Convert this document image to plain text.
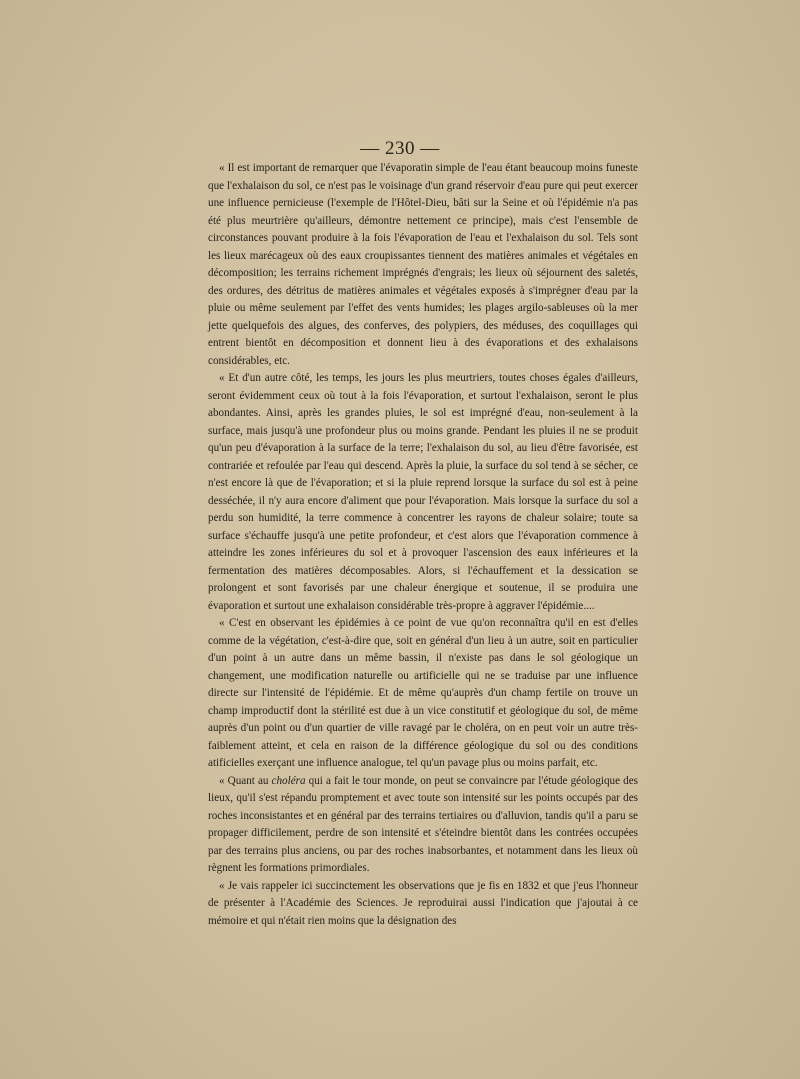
— 230 —

« Il est important de remarquer que l'évaporatin simple de l'eau étant beaucoup moins funeste que l'exhalaison du sol, ce n'est pas le voisinage d'un grand réservoir d'eau pure qui peut exercer une influence pernicieuse (l'exemple de l'Hôtel-Dieu, bâti sur la Seine et où l'épidémie n'a pas été plus meurtrière qu'ailleurs, démontre nettement ce principe), mais c'est l'ensemble de circonstances pouvant produire à la fois l'évaporation de l'eau et l'exhalaison du sol. Tels sont les lieux marécageux où des eaux croupissantes tiennent des matières animales et végétales en décomposition; les terrains richement imprégnés d'engrais; les lieux où séjournent des saletés, des ordures, des détritus de matières animales et végétales exposés à s'imprégner d'eau par la pluie ou même seulement par l'effet des vents humides; les plages argilo-sableuses où la mer jette quelquefois des algues, des conferves, des polypiers, des méduses, des coquillages qui entrent bientôt en décomposition et donnent lieu à des évaporations et des exhalaisons considérables, etc.

« Et d'un autre côté, les temps, les jours les plus meurtriers, toutes choses égales d'ailleurs, seront évidemment ceux où tout à la fois l'évaporation, et surtout l'exhalaison, seront le plus abondantes. Ainsi, après les grandes pluies, le sol est imprégné d'eau, non-seulement à la surface, mais jusqu'à une profondeur plus ou moins grande. Pendant les pluies il ne se produit qu'un peu d'évaporation à la surface de la terre; l'exhalaison du sol, au lieu d'être favorisée, est contrariée et refoulée par l'eau qui descend. Après la pluie, la surface du sol tend à se sécher, ce n'est encore là que de l'évaporation; et si la pluie reprend lorsque la surface du sol est à peine desséchée, il n'y aura encore d'aliment que pour l'évaporation. Mais lorsque la surface du sol a perdu son humidité, la terre commence à concentrer les rayons de chaleur solaire; toute sa surface s'échauffe jusqu'à une petite profondeur, et c'est alors que l'évaporation commence à atteindre les zones inférieures du sol et à provoquer l'ascension des eaux inférieures et la fermentation des matières décomposables. Alors, si l'échauffement et la dessication se prolongent et sont favorisés par une chaleur énergique et soutenue, il se produira une évaporation et surtout une exhalaison considérable très-propre à aggraver l'épidémie....

« C'est en observant les épidémies à ce point de vue qu'on reconnaîtra qu'il en est d'elles comme de la végétation, c'est-à-dire que, soit en général d'un lieu à un autre, soit en particulier d'un point à un autre dans un même bassin, il n'existe pas dans le sol géologique un changement, une modification naturelle ou artificielle qui ne se traduise par une influence directe sur l'intensité de l'épidémie. Et de même qu'auprès d'un champ fertile on trouve un champ improductif dont la stérilité est due à un vice constitutif et géologique du sol, de même auprès d'un point ou d'un quartier de ville ravagé par le choléra, on en peut voir un autre très-faiblement atteint, et cela en raison de la différence géologique du sol ou des conditions atificielles exerçant une influence analogue, tel qu'un pavage plus ou moins parfait, etc.

« Quant au choléra qui a fait le tour monde, on peut se convaincre par l'étude géologique des lieux, qu'il s'est répandu promptement et avec toute son intensité sur les points occupés par des roches inconsistantes et en général par des terrains tertiaires ou d'alluvion, tandis qu'il a paru se propager difficilement, perdre de son intensité et s'éteindre bientôt dans les contrées occupées par des terrains plus anciens, ou par des roches inabsorbantes, et notamment dans les lieux où règnent les formations primordiales.

« Je vais rappeler ici succinctement les observations que je fis en 1832 et que j'eus l'honneur de présenter à l'Académie des Sciences. Je reproduirai aussi l'indication que j'ajoutai à ce mémoire et qui n'était rien moins que la désignation des
